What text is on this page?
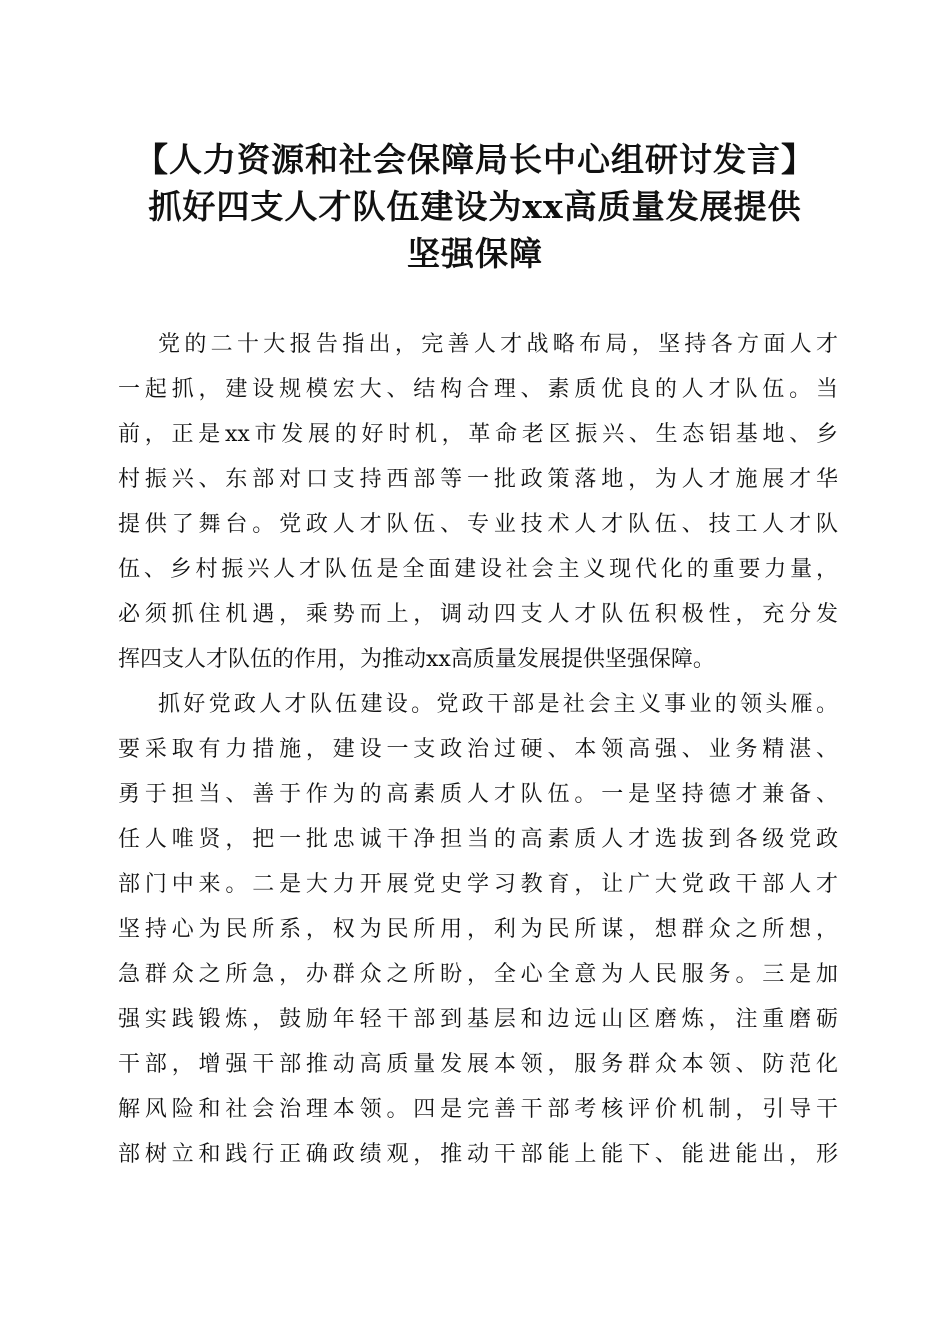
【人力资源和社会保障局长中心组研讨发言】
抓好四支人才队伍建设为xx高质量发展提供
坚强保障
党的二十大报告指出，完善人才战略布局，坚持各方面人才
一起抓，建设规模宏大、结构合理、素质优良的人才队伍。当
前，正是xx市发展的好时机，革命老区振兴、生态铝基地、乡
村振兴、东部对口支持西部等一批政策落地，为人才施展才华
提供了舞台。党政人才队伍、专业技术人才队伍、技工人才队
伍、乡村振兴人才队伍是全面建设社会主义现代化的重要力量，
必须抓住机遇，乘势而上，调动四支人才队伍积极性，充分发
挥四支人才队伍的作用，为推动xx高质量发展提供坚强保障。
抓好党政人才队伍建设。党政干部是社会主义事业的领头雁。
要采取有力措施，建设一支政治过硬、本领高强、业务精湛、
勇于担当、善于作为的高素质人才队伍。一是坚持德才兼备、
任人唯贤，把一批忠诚干净担当的高素质人才选拔到各级党政
部门中来。二是大力开展党史学习教育，让广大党政干部人才
坚持心为民所系，权为民所用，利为民所谋，想群众之所想，
急群众之所急，办群众之所盼，全心全意为人民服务。三是加
强实践锻炼，鼓励年轻干部到基层和边远山区磨炼，注重磨砺
干部，增强干部推动高质量发展本领，服务群众本领、防范化
解风险和社会治理本领。四是完善干部考核评价机制，引导干
部树立和践行正确政绩观，推动干部能上能下、能进能出，形
